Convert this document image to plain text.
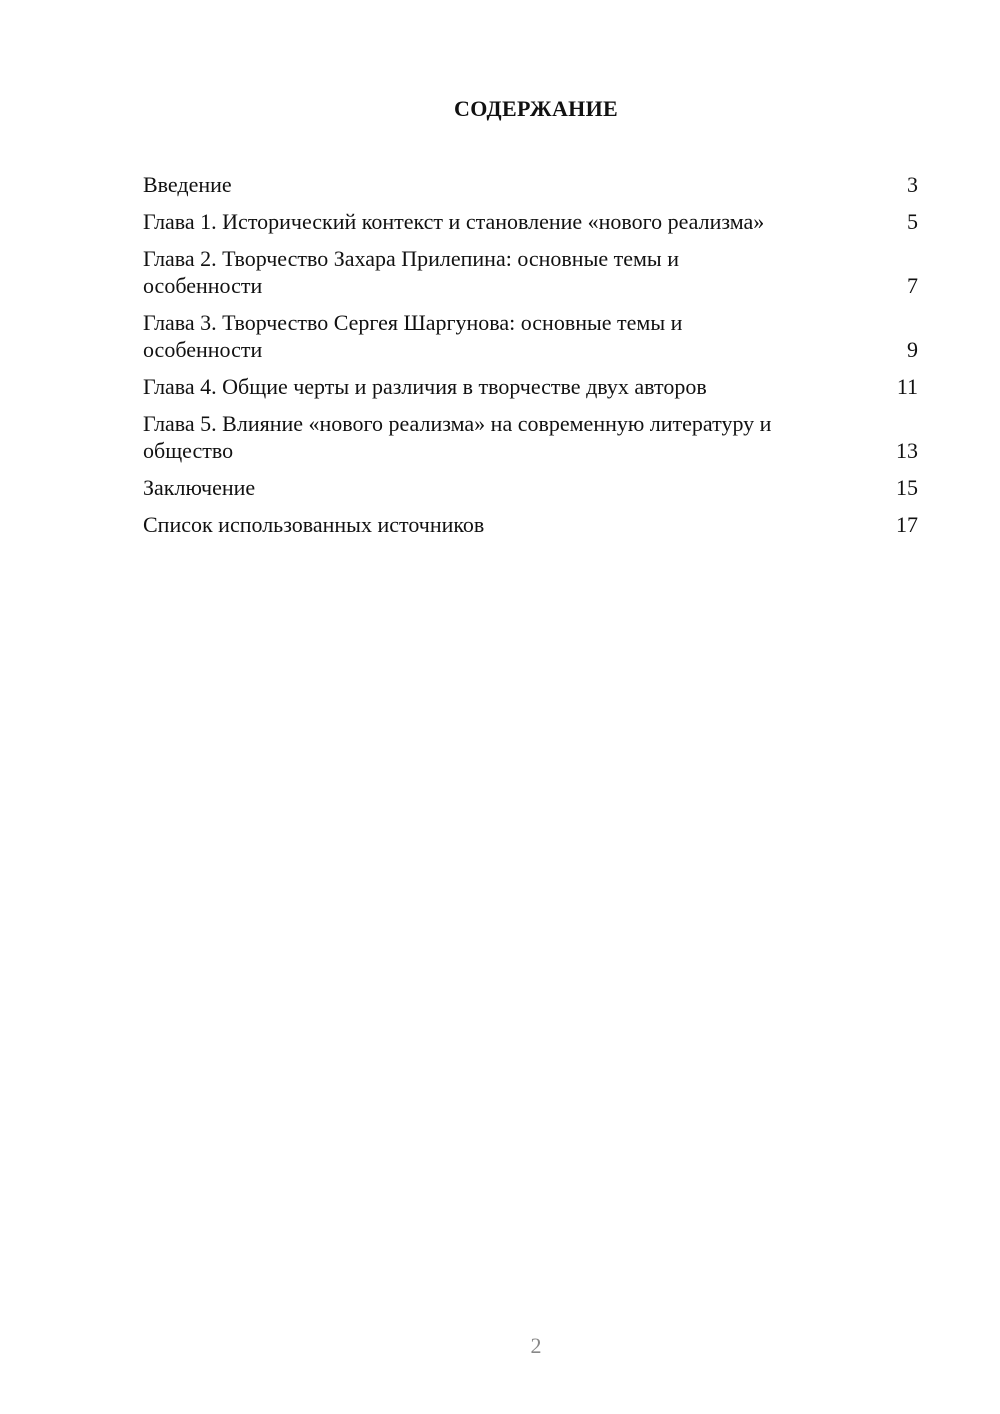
СОДЕРЖАНИЕ
Введение	3
Глава 1. Исторический контекст и становление «нового реализма»	5
Глава 2. Творчество Захара Прилепина: основные темы и особенности	7
Глава 3. Творчество Сергея Шаргунова: основные темы и особенности	9
Глава 4. Общие черты и различия в творчестве двух авторов	11
Глава 5. Влияние «нового реализма» на современную литературу и общество	13
Заключение	15
Список использованных источников	17
2
